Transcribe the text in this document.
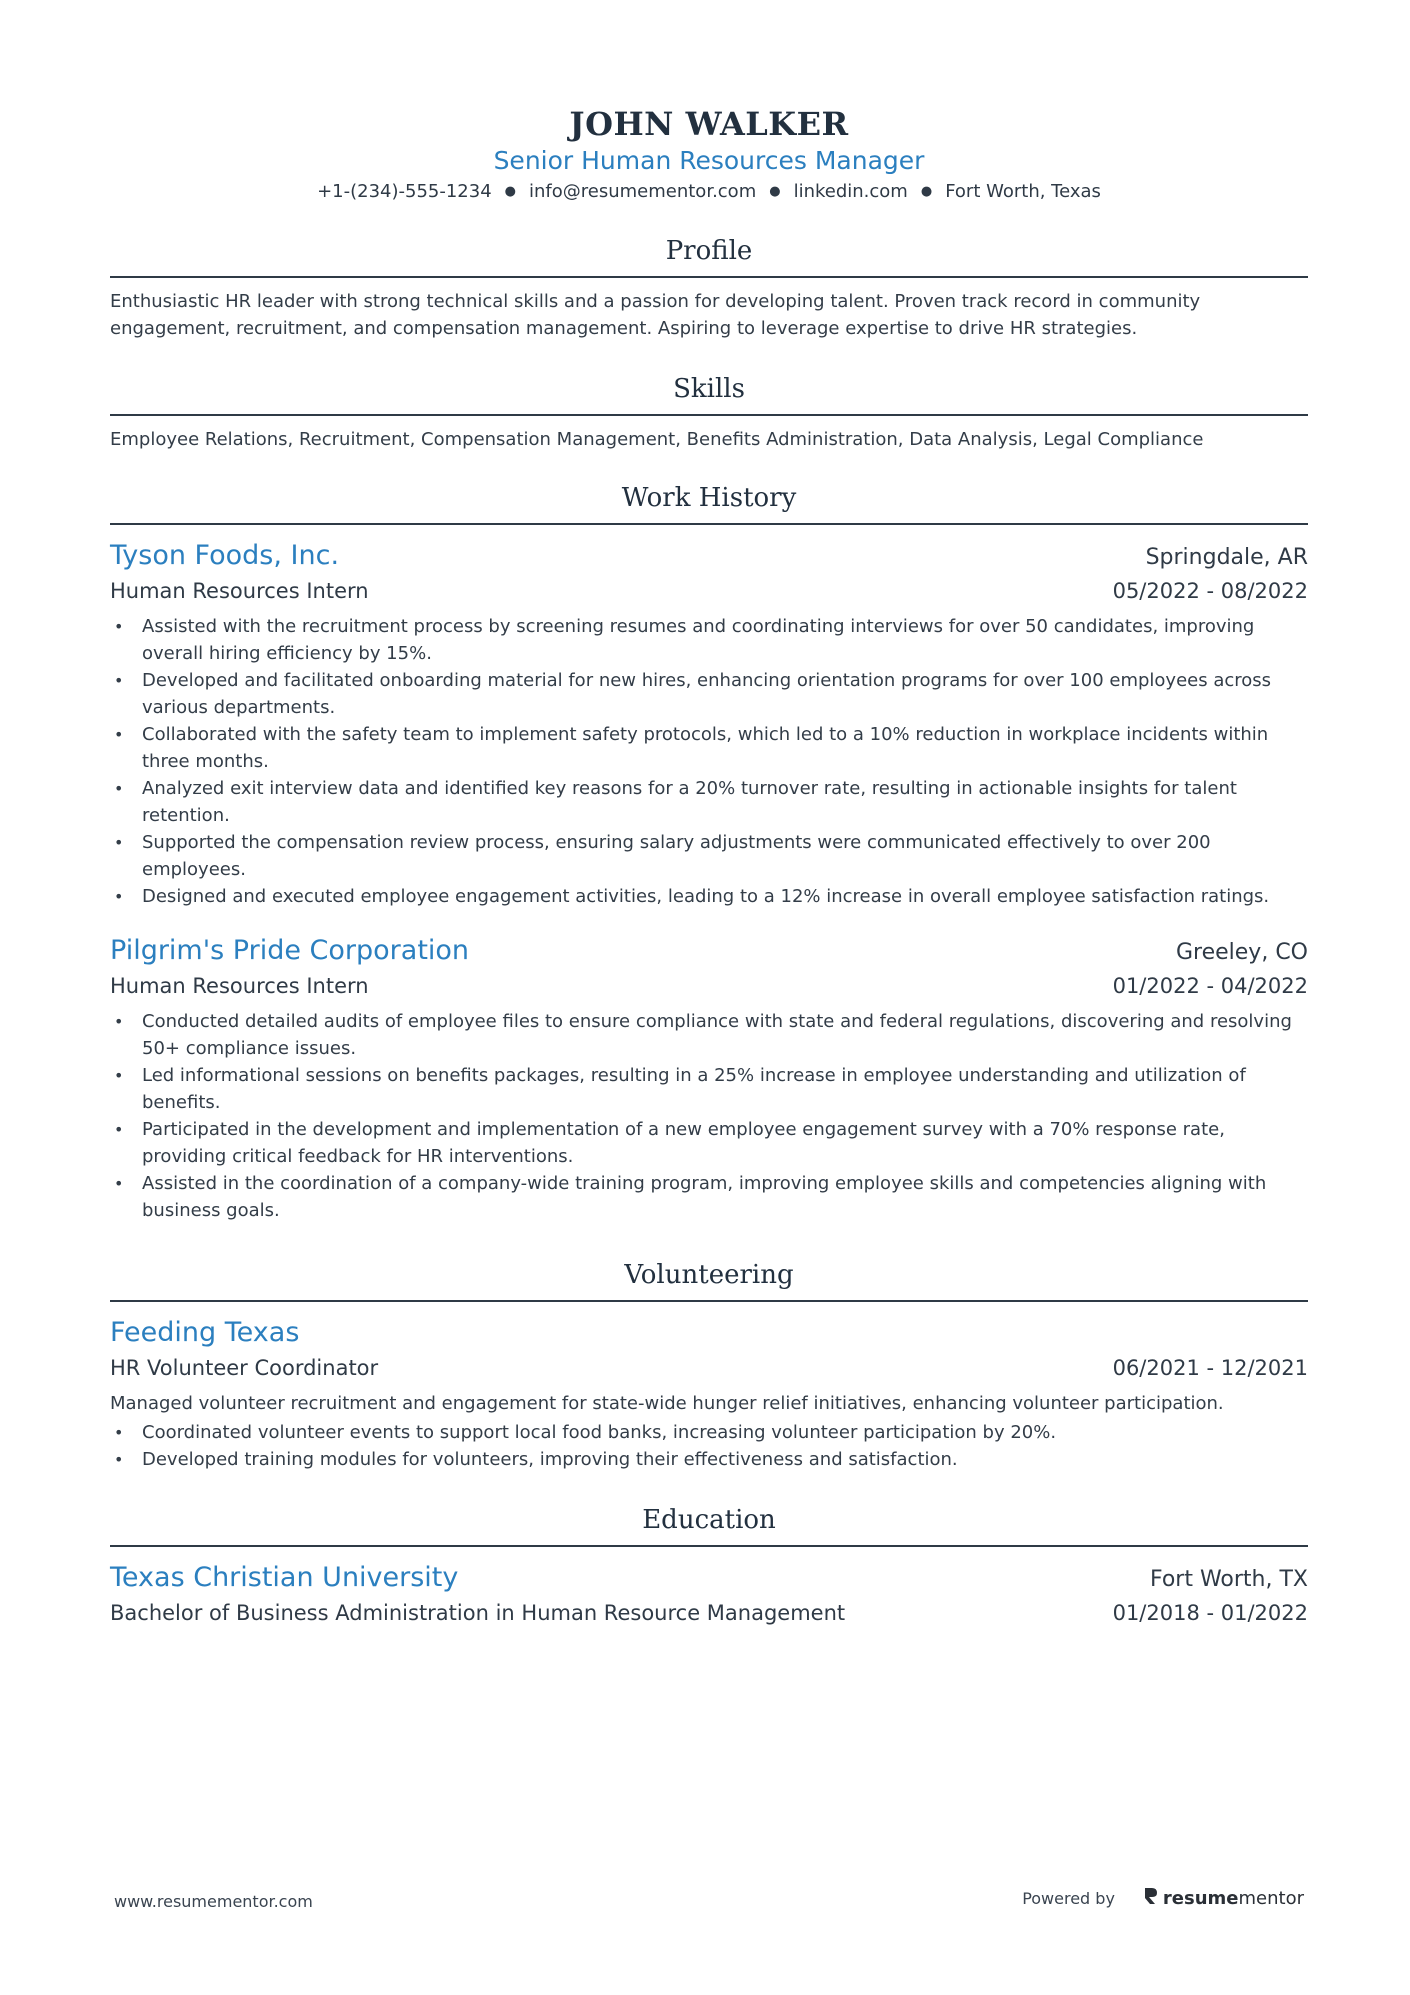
JOHN WALKER
Senior Human Resources Manager
+1-(234)-555-1234 ● info@resumementor.com ● linkedin.com ● Fort Worth, Texas
Profile
Enthusiastic HR leader with strong technical skills and a passion for developing talent. Proven track record in community engagement, recruitment, and compensation management. Aspiring to leverage expertise to drive HR strategies.
Skills
Employee Relations, Recruitment, Compensation Management, Benefits Administration, Data Analysis, Legal Compliance
Work History
Tyson Foods, Inc.	Springdale, AR
Human Resources Intern	05/2022 - 08/2022
• Assisted with the recruitment process by screening resumes and coordinating interviews for over 50 candidates, improving overall hiring efficiency by 15%.
• Developed and facilitated onboarding material for new hires, enhancing orientation programs for over 100 employees across various departments.
• Collaborated with the safety team to implement safety protocols, which led to a 10% reduction in workplace incidents within three months.
• Analyzed exit interview data and identified key reasons for a 20% turnover rate, resulting in actionable insights for talent retention.
• Supported the compensation review process, ensuring salary adjustments were communicated effectively to over 200 employees.
• Designed and executed employee engagement activities, leading to a 12% increase in overall employee satisfaction ratings.
Pilgrim's Pride Corporation	Greeley, CO
Human Resources Intern	01/2022 - 04/2022
• Conducted detailed audits of employee files to ensure compliance with state and federal regulations, discovering and resolving 50+ compliance issues.
• Led informational sessions on benefits packages, resulting in a 25% increase in employee understanding and utilization of benefits.
• Participated in the development and implementation of a new employee engagement survey with a 70% response rate, providing critical feedback for HR interventions.
• Assisted in the coordination of a company-wide training program, improving employee skills and competencies aligning with business goals.
Volunteering
Feeding Texas
HR Volunteer Coordinator	06/2021 - 12/2021
Managed volunteer recruitment and engagement for state-wide hunger relief initiatives, enhancing volunteer participation.
• Coordinated volunteer events to support local food banks, increasing volunteer participation by 20%.
• Developed training modules for volunteers, improving their effectiveness and satisfaction.
Education
Texas Christian University	Fort Worth, TX
Bachelor of Business Administration in Human Resource Management	01/2018 - 01/2022
www.resumementor.com	Powered by	resume mentor
